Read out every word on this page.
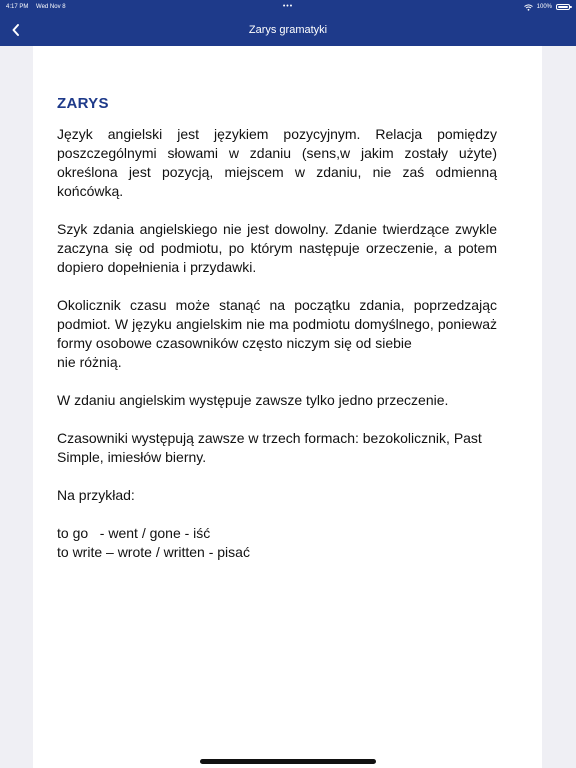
4:17 PM Wed Nov 8	•••	100%
Zarys gramatyki

ZARYS

Język angielski jest językiem pozycyjnym. Relacja pomiędzy poszczególnymi słowami w zdaniu (sens,w jakim zostały użyte) określona jest pozycją, miejscem w zdaniu, nie zaś odmienną końcówką.

Szyk zdania angielskiego nie jest dowolny. Zdanie twierdzące zwykle zaczyna się od podmiotu, po którym następuje orzeczenie, a potem dopiero dopełnienia i przydawki.

Okolicznik czasu może stanąć na początku zdania, poprzedzając podmiot. W języku angielskim nie ma podmiotu domyślnego, ponieważ formy osobowe czasowników często niczym się od siebie
nie różnią.

W zdaniu angielskim występuje zawsze tylko jedno przeczenie.

Czasowniki występują zawsze w trzech formach: bezokolicznik, Past Simple, imiesłów bierny.

Na przykład:

to go   - went / gone - iść

to write – wrote / written - pisać
